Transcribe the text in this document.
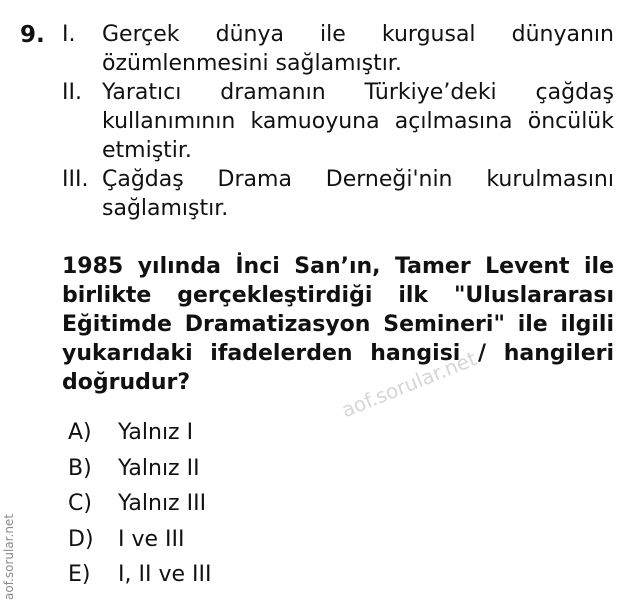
9. I. Gerçek dünya ile kurgusal dünyanın özümlenmesini sağlamıştır.
II. Yaratıcı dramanın Türkiye’deki çağdaş kullanımının kamuoyuna açılmasına öncülük etmiştir.
III. Çağdaş Drama Derneği'nin kurulmasını sağlamıştır.
1985 yılında İnci San’ın, Tamer Levent ile birlikte gerçekleştirdiği ilk "Uluslararası Eğitimde Dramatizasyon Semineri" ile ilgili yukarıdaki ifadelerden hangisi / hangileri doğrudur?	aof.sorular.net
A)	Yalnız I
B)	Yalnız II
C)	Yalnız III
D)	I ve III
E)	I, II ve III
aof.sorular.net
